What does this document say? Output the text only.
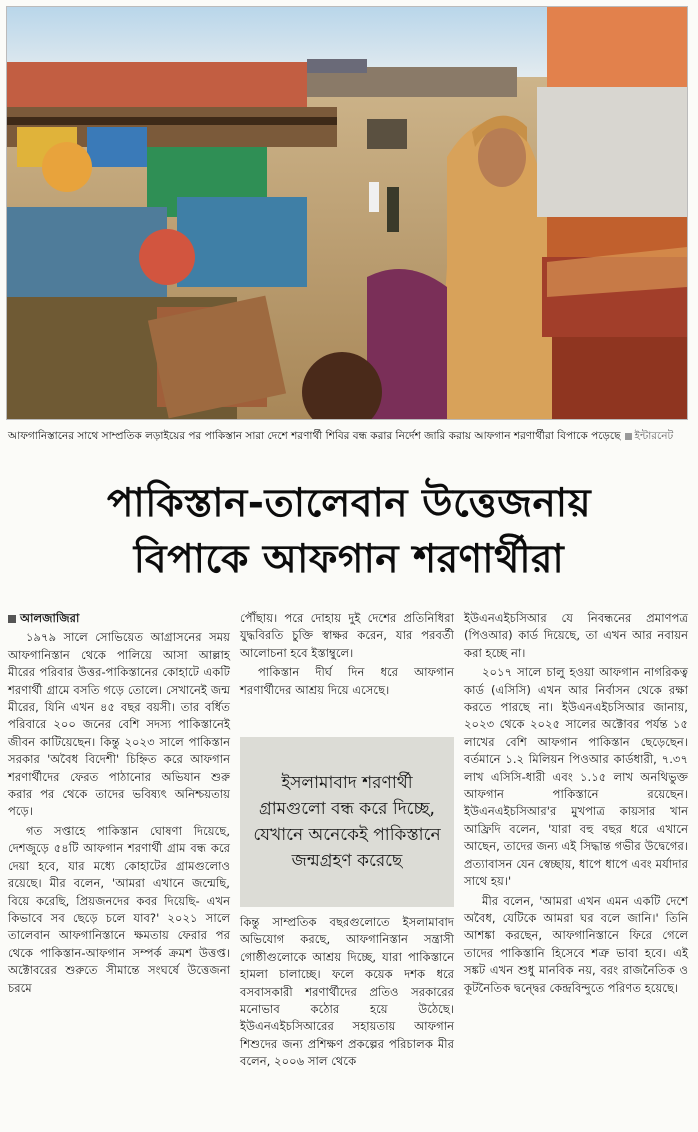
আফগানিস্তানের সাথে সাম্প্রতিক লড়াইয়ের পর পাকিস্তান সারা দেশে শরণার্থী শিবির বন্ধ করার নির্দেশ জারি করায় আফগান শরণার্থীরা বিপাকে পড়েছে ইন্টারনেট
পাকিস্তান-তালেবান উত্তেজনায়
বিপাকে আফগান শরণার্থীরা

আলজাজিরা

১৯৭৯ সালে সোভিয়েত আগ্রাসনের সময় আফগানিস্তান থেকে পালিয়ে আসা আল্লাহ মীরের পরিবার উত্তর-পাকিস্তানের কোহাটে একটি শরণার্থী গ্রামে বসতি গড়ে তোলে। সেখানেই জন্ম মীরের, যিনি এখন ৪৫ বছর বয়সী। তার বর্ধিত পরিবারে ২০০ জনের বেশি সদস্য পাকিস্তানেই জীবন কাটিয়েছেন। কিন্তু ২০২৩ সালে পাকিস্তান সরকার 'অবৈধ বিদেশী' চিহ্নিত করে আফগান শরণার্থীদের ফেরত পাঠানোর অভিযান শুরু করার পর থেকে তাদের ভবিষ্যৎ অনিশ্চয়তায় পড়ে।

গত সপ্তাহে পাকিস্তান ঘোষণা দিয়েছে, দেশজুড়ে ৫৪টি আফগান শরণার্থী গ্রাম বন্ধ করে দেয়া হবে, যার মধ্যে কোহাটের গ্রামগুলোও রয়েছে। মীর বলেন, 'আমরা এখানে জন্মেছি, বিয়ে করেছি, প্রিয়জনদের কবর দিয়েছি- এখন কিভাবে সব ছেড়ে চলে যাব?' ২০২১ সালে তালেবান আফগানিস্তানে ক্ষমতায় ফেরার পর থেকে পাকিস্তান-আফগান সম্পর্ক ক্রমশ উত্তপ্ত। অক্টোবরের শুরুতে সীমান্তে সংঘর্ষে উত্তেজনা চরমে

পৌঁছায়। পরে দোহায় দুই দেশের প্রতিনিধিরা যুদ্ধবিরতি চুক্তি স্বাক্ষর করেন, যার পরবর্তী আলোচনা হবে ইস্তাম্বুলে।

পাকিস্তান দীর্ঘ দিন ধরে আফগান শরণার্থীদের আশ্রয় দিয়ে এসেছে।

ইসলামাবাদ শরণার্থী গ্রামগুলো বন্ধ করে দিচ্ছে, যেখানে অনেকেই পাকিস্তানে জন্মগ্রহণ করেছে

কিন্তু সাম্প্রতিক বছরগুলোতে ইসলামাবাদ অভিযোগ করছে, আফগানিস্তান সন্ত্রাসী গোষ্ঠীগুলোকে আশ্রয় দিচ্ছে, যারা পাকিস্তানে হামলা চালাচ্ছে। ফলে কয়েক দশক ধরে বসবাসকারী শরণার্থীদের প্রতিও সরকারের মনোভাব কঠোর হয়ে উঠেছে। ইউএনএইচসিআরের সহায়তায় আফগান শিশুদের জন্য প্রশিক্ষণ প্রকল্পের পরিচালক মীর বলেন, ২০০৬ সাল থেকে

ইউএনএইচসিআর যে নিবন্ধনের প্রমাণপত্র (পিওআর) কার্ড দিয়েছে, তা এখন আর নবায়ন করা হচ্ছে না।

২০১৭ সালে চালু হওয়া আফগান নাগরিকত্ব কার্ড (এসিসি) এখন আর নির্বাসন থেকে রক্ষা করতে পারছে না। ইউএনএইচসিআর জানায়, ২০২৩ থেকে ২০২৫ সালের অক্টোবর পর্যন্ত ১৫ লাখের বেশি আফগান পাকিস্তান ছেড়েছেন। বর্তমানে ১.২ মিলিয়ন পিওআর কার্ডধারী, ৭.৩৭ লাখ এসিসি-ধারী এবং ১.১৫ লাখ অনথিভুক্ত আফগান পাকিস্তানে রয়েছেন। ইউএনএইচসিআর'র মুখপাত্র কায়সার খান আফ্রিদি বলেন, 'যারা বহু বছর ধরে এখানে আছেন, তাদের জন্য এই সিদ্ধান্ত গভীর উদ্বেগের। প্রত্যাবাসন যেন স্বেচ্ছায়, ধাপে ধাপে এবং মর্যাদার সাথে হয়।'

মীর বলেন, 'আমরা এখন এমন একটি দেশে অবৈধ, যেটিকে আমরা ঘর বলে জানি।' তিনি আশঙ্কা করছেন, আফগানিস্তানে ফিরে গেলে তাদের পাকিস্তানি হিসেবে শত্রু ভাবা হবে। এই সঙ্কট এখন শুধু মানবিক নয়, বরং রাজনৈতিক ও কূটনৈতিক দ্বন্দ্বের কেন্দ্রবিন্দুতে পরিণত হয়েছে।
